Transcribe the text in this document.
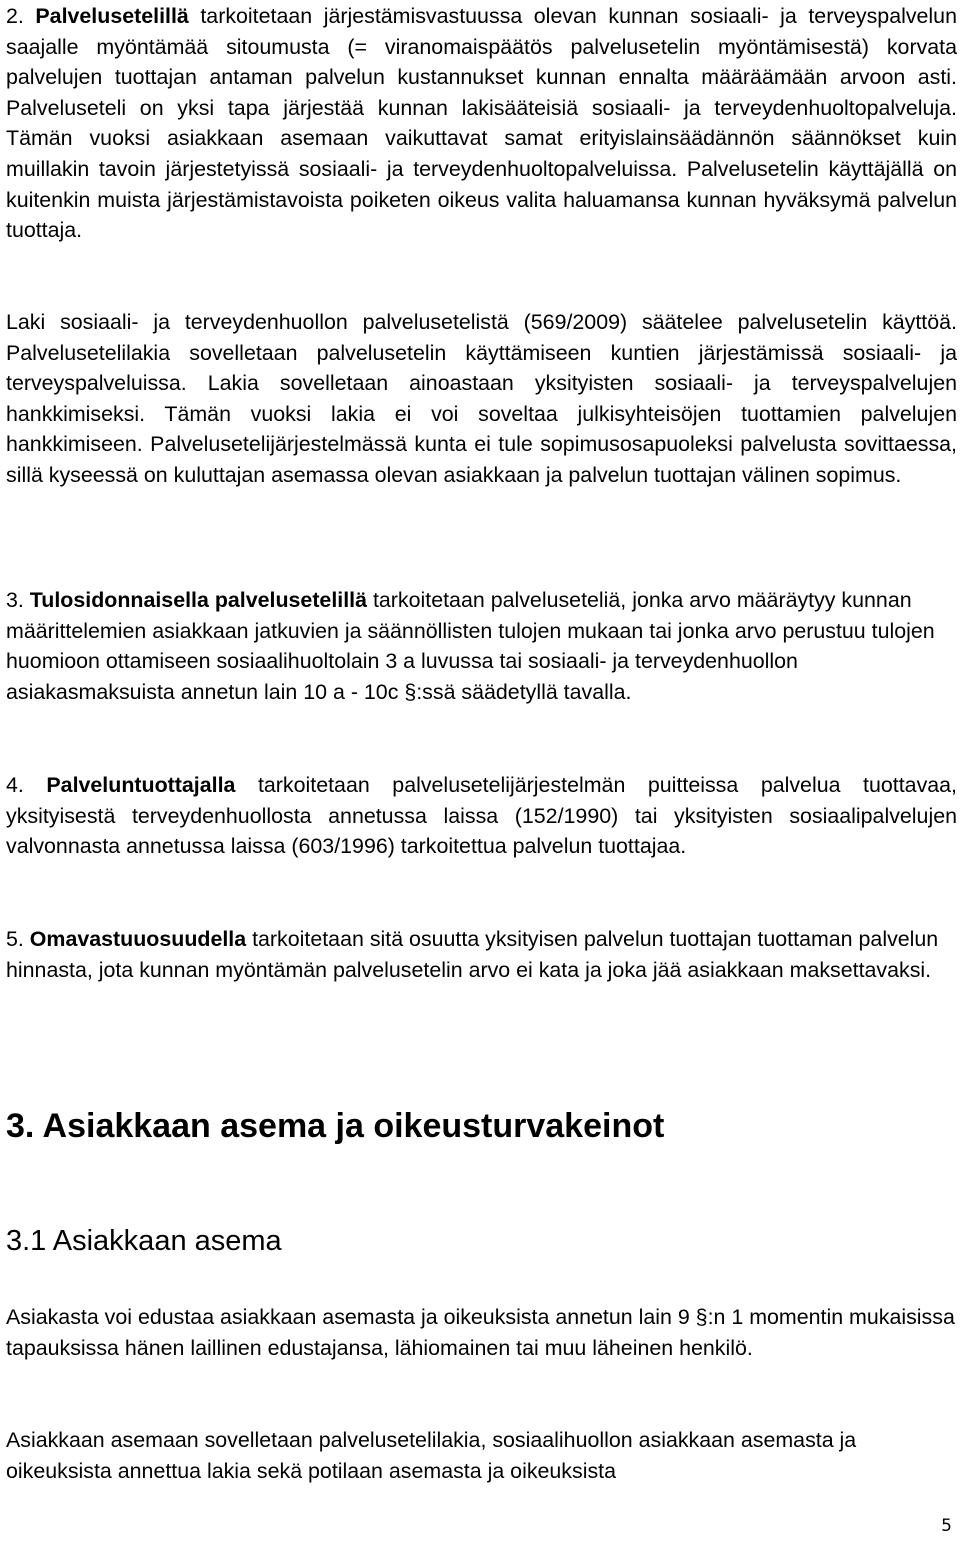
2. Palvelusetelillä tarkoitetaan järjestämisvastuussa olevan kunnan sosiaali- ja terveyspalvelun saajalle myöntämää sitoumusta (= viranomaispäätös palvelusetelin myöntämisestä) korvata palvelujen tuottajan antaman palvelun kustannukset kunnan ennalta määräämään arvoon asti. Palveluseteli on yksi tapa järjestää kunnan lakisääteisiä sosiaali- ja terveydenhuoltopalveluja. Tämän vuoksi asiakkaan asemaan vaikuttavat samat erityislainsäädännön säännökset kuin muillakin tavoin järjestetyissä sosiaali- ja terveydenhuoltopalveluissa. Palvelusetelin käyttäjällä on kuitenkin muista järjestämistavoista poiketen oikeus valita haluamansa kunnan hyväksymä palvelun tuottaja.

Laki sosiaali- ja terveydenhuollon palvelusetelistä (569/2009) säätelee palvelusetelin käyttöä. Palvelusetelilakia sovelletaan palvelusetelin käyttämiseen kuntien järjestämissä sosiaali- ja terveyspalveluissa. Lakia sovelletaan ainoastaan yksityisten sosiaali- ja terveyspalvelujen hankkimiseksi. Tämän vuoksi lakia ei voi soveltaa julkisyhteisöjen tuottamien palvelujen hankkimiseen. Palvelusetelijärjestelmässä kunta ei tule sopimusosapuoleksi palvelusta sovittaessa, sillä kyseessä on kuluttajan asemassa olevan asiakkaan ja palvelun tuottajan välinen sopimus.

3. Tulosidonnaisella palvelusetelillä tarkoitetaan palveluseteliä, jonka arvo määräytyy kunnan määrittelemien asiakkaan jatkuvien ja säännöllisten tulojen mukaan tai jonka arvo perustuu tulojen huomioon ottamiseen sosiaalihuoltolain 3 a luvussa tai sosiaali- ja terveydenhuollon asiakasmaksuista annetun lain 10 a - 10c §:ssä säädetyllä tavalla.

4. Palveluntuottajalla tarkoitetaan palvelusetelijärjestelmän puitteissa palvelua tuottavaa, yksityisestä terveydenhuollosta annetussa laissa (152/1990) tai yksityisten sosiaalipalvelujen valvonnasta annetussa laissa (603/1996) tarkoitettua palvelun tuottajaa.

5. Omavastuuosuudella tarkoitetaan sitä osuutta yksityisen palvelun tuottajan tuottaman palvelun hinnasta, jota kunnan myöntämän palvelusetelin arvo ei kata ja joka jää asiakkaan maksettavaksi.

3. Asiakkaan asema ja oikeusturvakeinot
3.1 Asiakkaan asema

Asiakasta voi edustaa asiakkaan asemasta ja oikeuksista annetun lain 9 §:n 1 momentin mukaisissa tapauksissa hänen laillinen edustajansa, lähiomainen tai muu läheinen henkilö.

Asiakkaan asemaan sovelletaan palvelusetelilakia, sosiaalihuollon asiakkaan asemasta ja oikeuksista annettua lakia sekä potilaan asemasta ja oikeuksista

5
